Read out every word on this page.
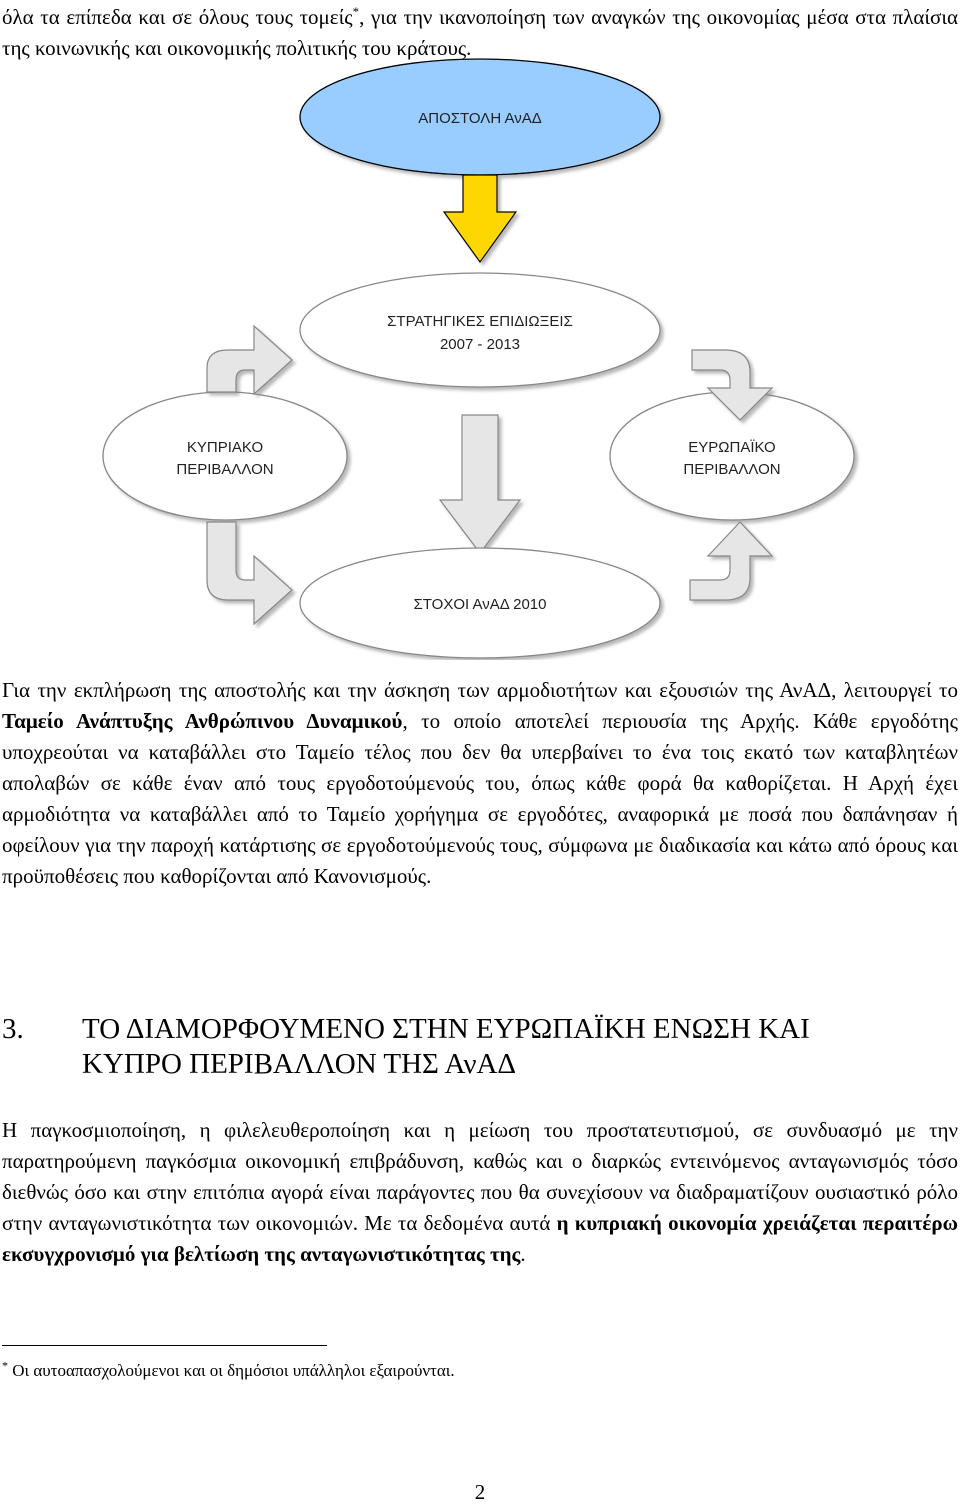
όλα τα επίπεδα και σε όλους τους τομείς*, για την ικανοποίηση των αναγκών της οικονομίας μέσα στα πλαίσια της κοινωνικής και οικονομικής πολιτικής του κράτους.

ΑΠΟΣΤΟΛΗ ΑνΑΔ
ΣΤΡΑΤΗΓΙΚΕΣ ΕΠΙΔΙΩΞΕΙΣ
2007 - 2013
ΚΥΠΡΙΑΚΟ
ΠΕΡΙΒΑΛΛΟΝ
ΕΥΡΩΠΑΪΚΟ
ΠΕΡΙΒΑΛΛΟΝ
ΣΤΟΧΟΙ ΑνΑΔ 2010

Για την εκπλήρωση της αποστολής και την άσκηση των αρμοδιοτήτων και εξουσιών της ΑνΑΔ, λειτουργεί το Ταμείο Ανάπτυξης Ανθρώπινου Δυναμικού, το οποίο αποτελεί περιουσία της Αρχής. Κάθε εργοδότης υποχρεούται να καταβάλλει στο Ταμείο τέλος που δεν θα υπερβαίνει το ένα τοις εκατό των καταβλητέων απολαβών σε κάθε έναν από τους εργοδοτούμενούς του, όπως κάθε φορά θα καθορίζεται. Η Αρχή έχει αρμοδιότητα να καταβάλλει από το Ταμείο χορήγημα σε εργοδότες, αναφορικά με ποσά που δαπάνησαν ή οφείλουν για την παροχή κατάρτισης σε εργοδοτούμενούς τους, σύμφωνα με διαδικασία και κάτω από όρους και προϋποθέσεις που καθορίζονται από Κανονισμούς.

3. ΤΟ ΔΙΑΜΟΡΦΟΥΜΕΝΟ ΣΤΗΝ ΕΥΡΩΠΑΪΚΗ ΕΝΩΣΗ ΚΑΙ
ΚΥΠΡΟ ΠΕΡΙΒΑΛΛΟΝ ΤΗΣ ΑνΑΔ

Η παγκοσμιοποίηση, η φιλελευθεροποίηση και η μείωση του προστατευτισμού, σε συνδυασμό με την παρατηρούμενη παγκόσμια οικονομική επιβράδυνση, καθώς και ο διαρκώς εντεινόμενος ανταγωνισμός τόσο διεθνώς όσο και στην επιτόπια αγορά είναι παράγοντες που θα συνεχίσουν να διαδραματίζουν ουσιαστικό ρόλο στην ανταγωνιστικότητα των οικονομιών. Με τα δεδομένα αυτά η κυπριακή οικονομία χρειάζεται περαιτέρω εκσυγχρονισμό για βελτίωση της ανταγωνιστικότητας της.

* Οι αυτοαπασχολούμενοι και οι δημόσιοι υπάλληλοι εξαιρούνται.
2
